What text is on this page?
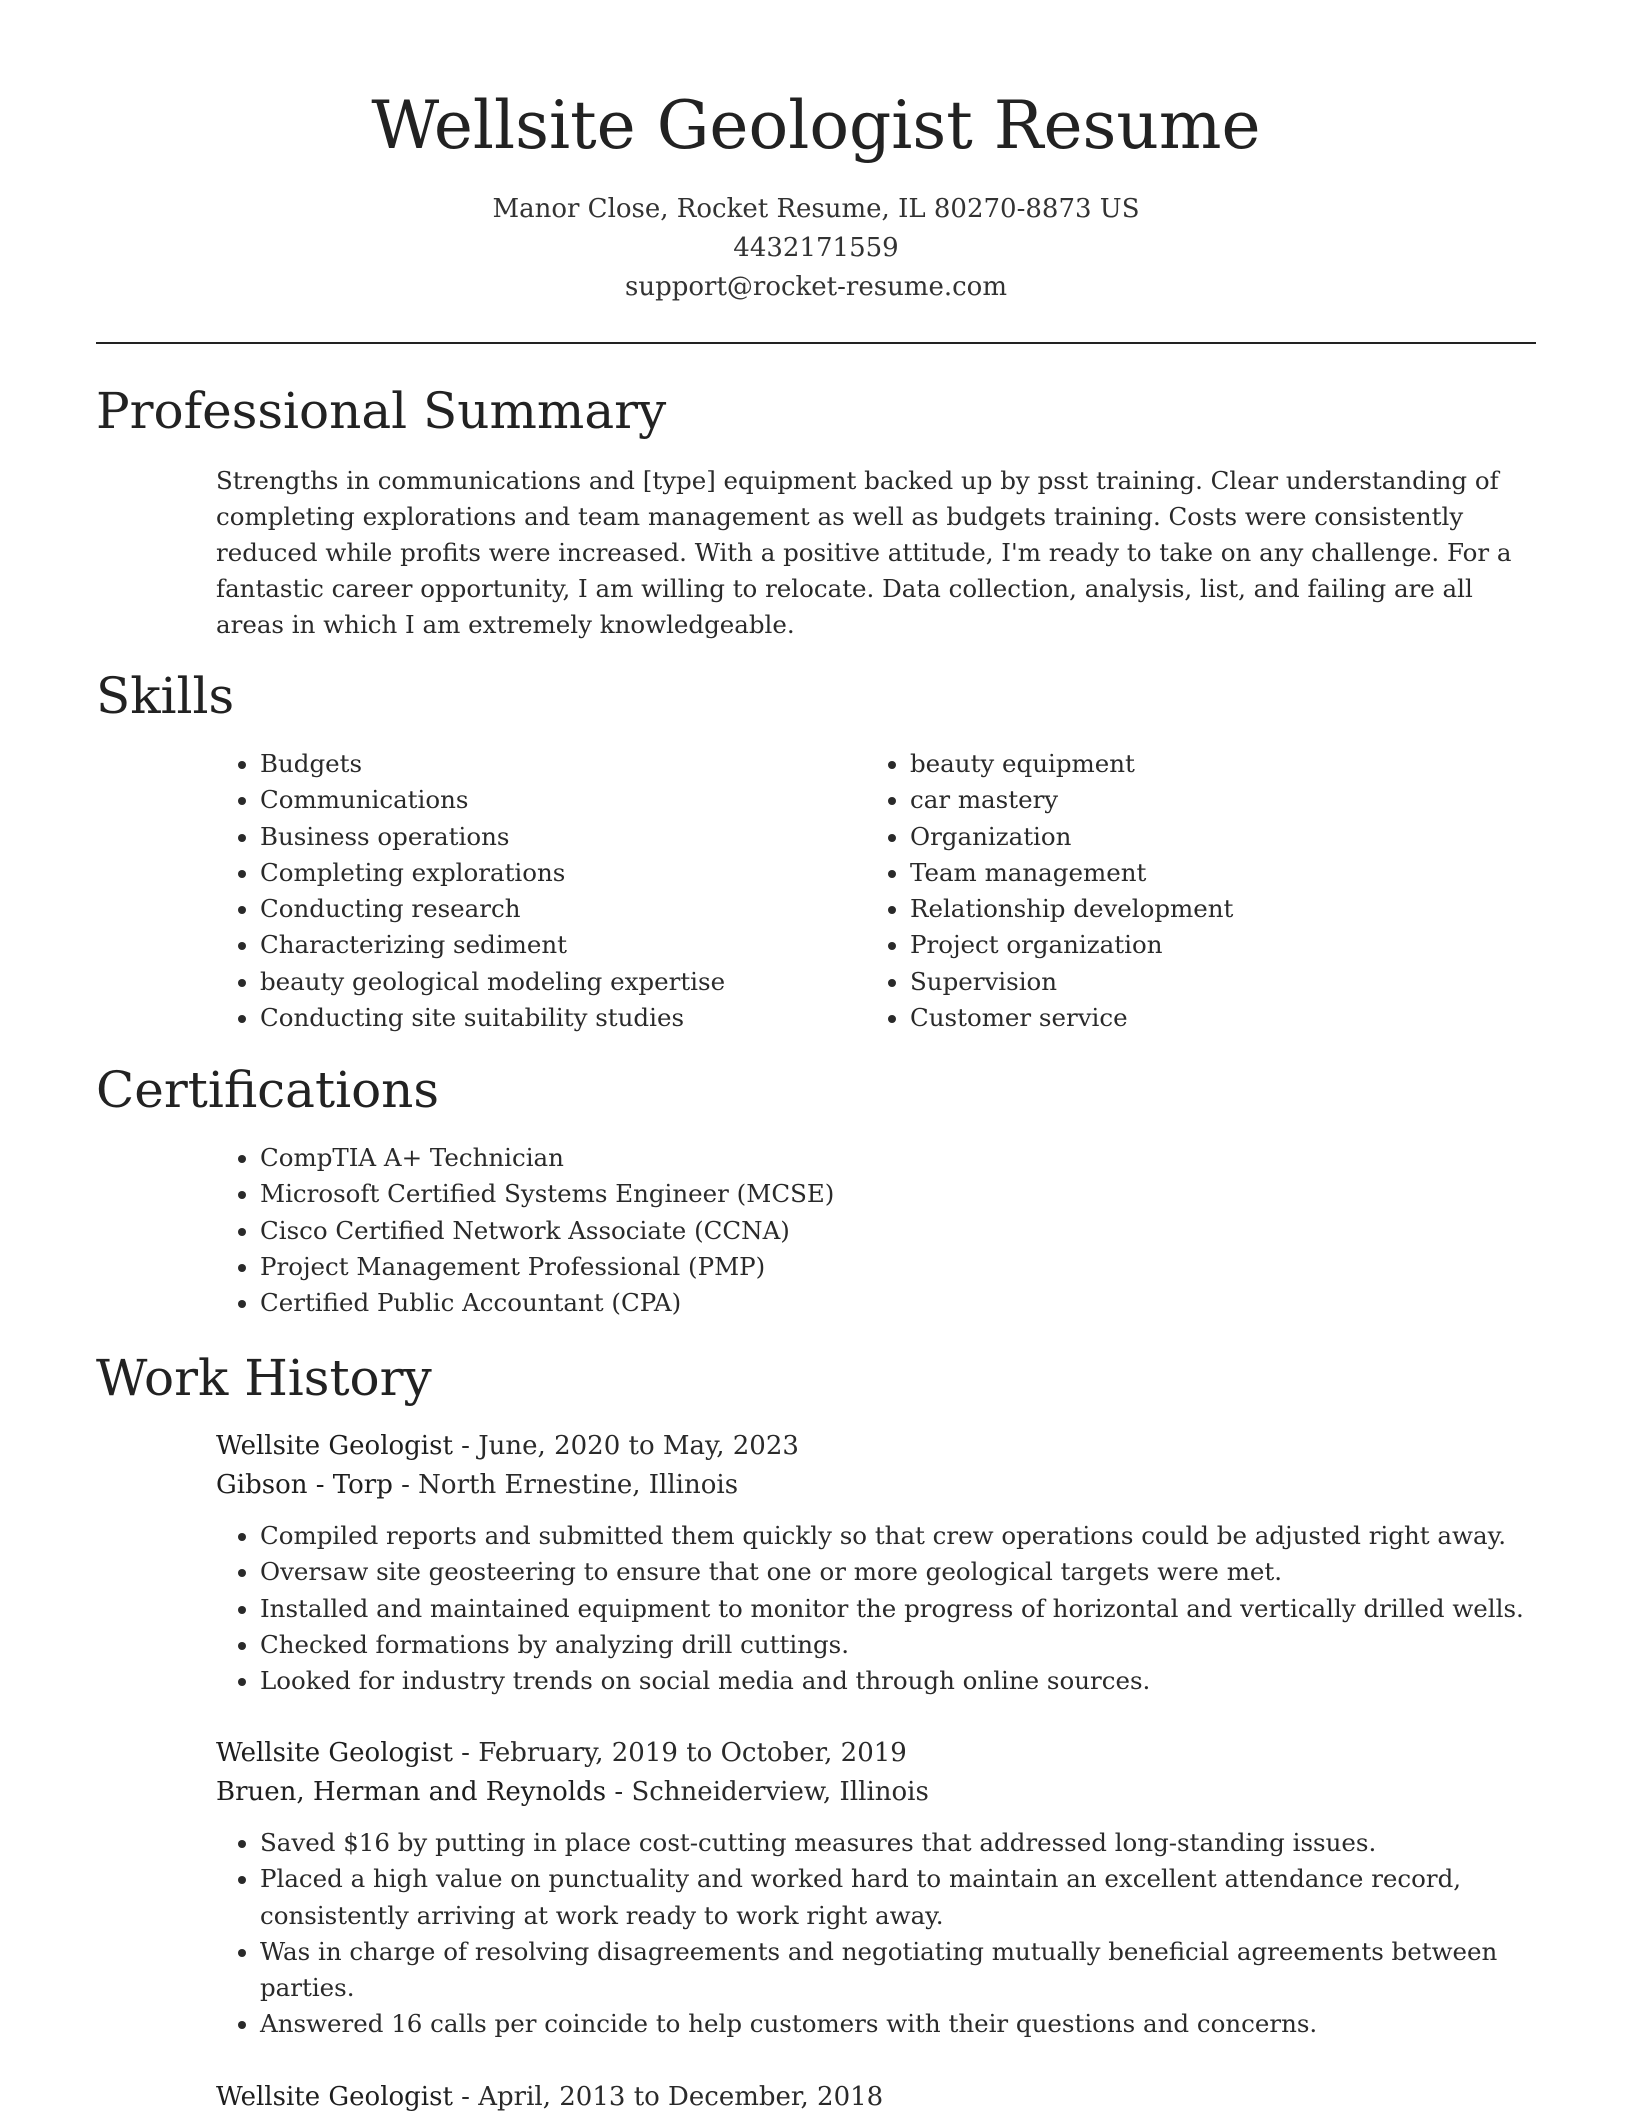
Wellsite Geologist Resume
Manor Close, Rocket Resume, IL 80270-8873 US
4432171559
support@rocket-resume.com
Professional Summary

Strengths in communications and [type] equipment backed up by psst training. Clear understanding of completing explorations and team management as well as budgets training. Costs were consistently reduced while profits were increased. With a positive attitude, I'm ready to take on any challenge. For a fantastic career opportunity, I am willing to relocate. Data collection, analysis, list, and failing are all areas in which I am extremely knowledgeable.

Skills
• Budgets
• Communications
• Business operations
• Completing explorations
• Conducting research
• Characterizing sediment
• beauty geological modeling expertise
• Conducting site suitability studies
• beauty equipment
• car mastery
• Organization
• Team management
• Relationship development
• Project organization
• Supervision
• Customer service
Certifications
• CompTIA A+ Technician
• Microsoft Certified Systems Engineer (MCSE)
• Cisco Certified Network Associate (CCNA)
• Project Management Professional (PMP)
• Certified Public Accountant (CPA)
Work History
Wellsite Geologist - June, 2020 to May, 2023
Gibson - Torp - North Ernestine, Illinois
• Compiled reports and submitted them quickly so that crew operations could be adjusted right away.
• Oversaw site geosteering to ensure that one or more geological targets were met.
• Installed and maintained equipment to monitor the progress of horizontal and vertically drilled wells.
• Checked formations by analyzing drill cuttings.
• Looked for industry trends on social media and through online sources.
Wellsite Geologist - February, 2019 to October, 2019
Bruen, Herman and Reynolds - Schneiderview, Illinois
• Saved $16 by putting in place cost-cutting measures that addressed long-standing issues.
• Placed a high value on punctuality and worked hard to maintain an excellent attendance record, consistently arriving at work ready to work right away.
• Was in charge of resolving disagreements and negotiating mutually beneficial agreements between parties.
• Answered 16 calls per coincide to help customers with their questions and concerns.
Wellsite Geologist - April, 2013 to December, 2018
